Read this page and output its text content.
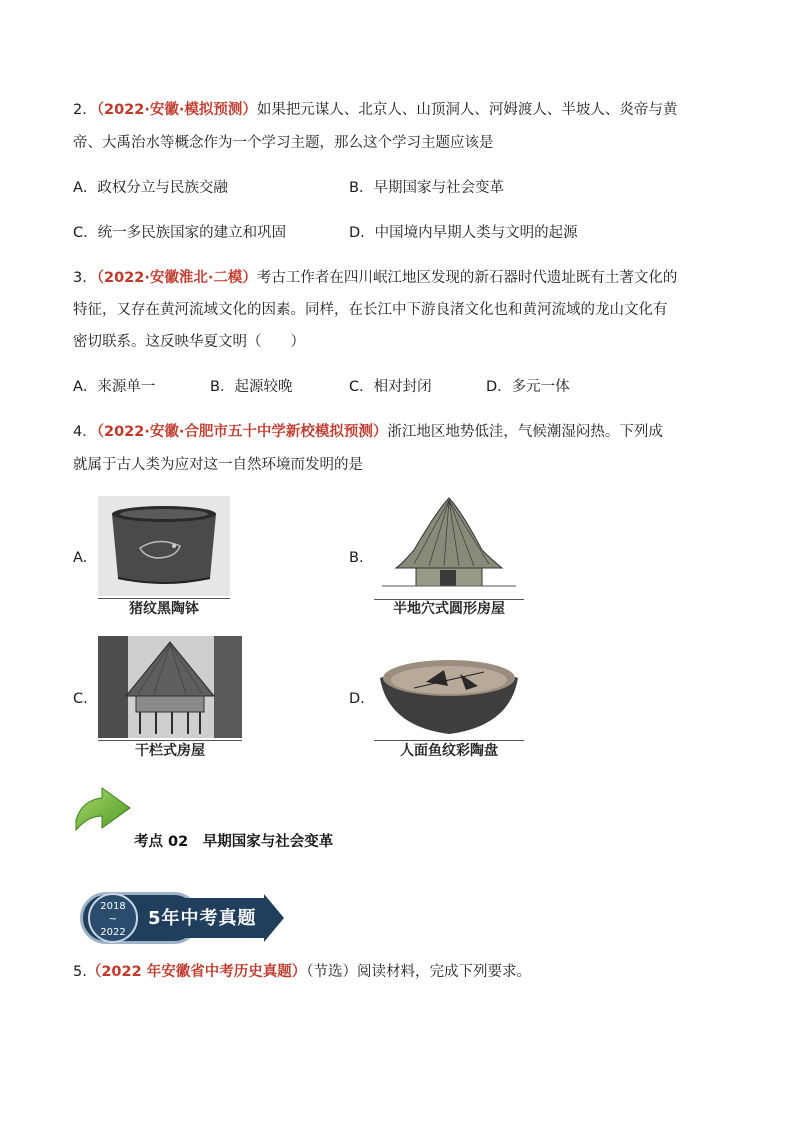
2．（2022·安徽·模拟预测）如果把元谋人、北京人、山顶洞人、河姆渡人、半坡人、炎帝与黄
帝、大禹治水等概念作为一个学习主题，那么这个学习主题应该是
A．政权分立与民族交融	B．早期国家与社会变革
C．统一多民族国家的建立和巩固	D．中国境内早期人类与文明的起源
3．（2022·安徽淮北·二模）考古工作者在四川岷江地区发现的新石器时代遗址既有土著文化的
特征，又存在黄河流域文化的因素。同样，在长江中下游良渚文化也和黄河流域的龙山文化有
密切联系。这反映华夏文明（　　）
A．来源单一	B．起源较晚	C．相对封闭	D．多元一体
4．（2022·安徽·合肥市五十中学新校模拟预测）浙江地区地势低洼，气候潮湿闷热。下列成
就属于古人类为应对这一自然环境而发明的是
A.
猪纹黑陶钵
B.
半地穴式圆形房屋
C.
干栏式房屋
D.
人面鱼纹彩陶盘
考点 02　早期国家与社会变革
2018
~
2022
5年中考真题
5.（2022 年安徽省中考历史真题）（节选）阅读材料，完成下列要求。
